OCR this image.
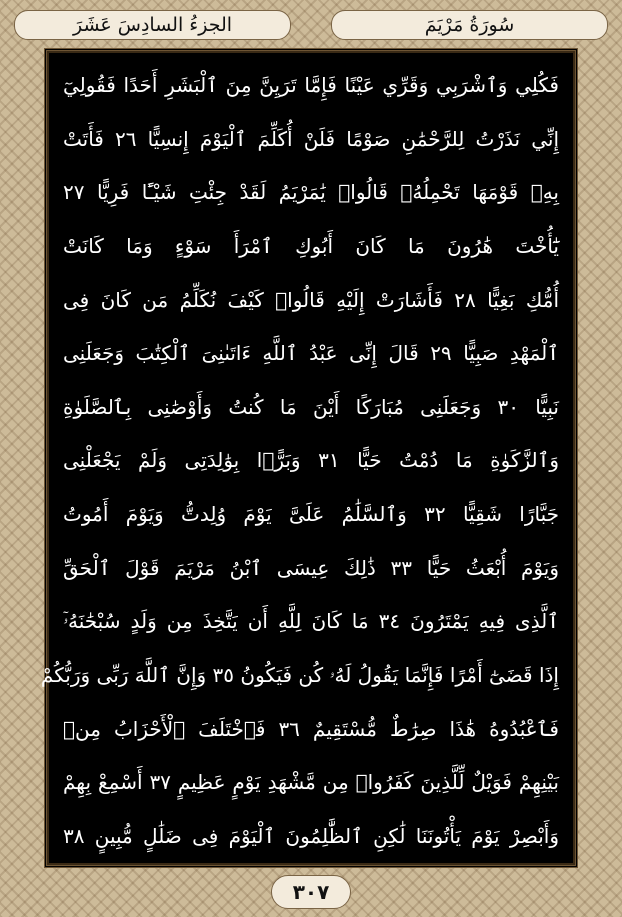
الجزءُ السادِسَ عَشَرَ	سُورَةُ مَرْيَمَ
فَكُلِي وَٱشْرَبِي وَقَرِّي عَيْنًا فَإِمَّا تَرَيِنَّ مِنَ ٱلْبَشَرِ أَحَدًا فَقُولِيٓ
إِنِّي نَذَرْتُ لِلرَّحْمَٰنِ صَوْمًا فَلَنْ أُكَلِّمَ ٱلْيَوْمَ إِنسِيًّا ٢٦ فَأَتَتْ
بِهِۦ قَوْمَهَا تَحْمِلُهُۥ قَالُوا۟ يَٰمَرْيَمُ لَقَدْ جِئْتِ شَيْـًٔا فَرِيًّا ٢٧
يَٰٓأُخْتَ هَٰرُونَ مَا كَانَ أَبُوكِ ٱمْرَأَ سَوْءٍ وَمَا كَانَتْ
أُمُّكِ بَغِيًّا ٢٨ فَأَشَارَتْ إِلَيْهِ قَالُوا۟ كَيْفَ نُكَلِّمُ مَن كَانَ فِى
ٱلْمَهْدِ صَبِيًّا ٢٩ قَالَ إِنِّى عَبْدُ ٱللَّهِ ءَاتَىٰنِىَ ٱلْكِتَٰبَ وَجَعَلَنِى
نَبِيًّا ٣٠ وَجَعَلَنِى مُبَارَكًا أَيْنَ مَا كُنتُ وَأَوْصَٰنِى بِٱلصَّلَوٰةِ
وَٱلزَّكَوٰةِ مَا دُمْتُ حَيًّا ٣١ وَبَرًّۢا بِوَٰلِدَتِى وَلَمْ يَجْعَلْنِى
جَبَّارًا شَقِيًّا ٣٢ وَٱلسَّلَٰمُ عَلَىَّ يَوْمَ وُلِدتُّ وَيَوْمَ أَمُوتُ
وَيَوْمَ أُبْعَثُ حَيًّا ٣٣ ذَٰلِكَ عِيسَى ٱبْنُ مَرْيَمَ قَوْلَ ٱلْحَقِّ
ٱلَّذِى فِيهِ يَمْتَرُونَ ٣٤ مَا كَانَ لِلَّهِ أَن يَتَّخِذَ مِن وَلَدٍ سُبْحَٰنَهُۥٓ
إِذَا قَضَىٰٓ أَمْرًا فَإِنَّمَا يَقُولُ لَهُۥ كُن فَيَكُونُ ٣٥ وَإِنَّ ٱللَّهَ رَبِّى وَرَبُّكُمْ
فَٱعْبُدُوهُ هَٰذَا صِرَٰطٌ مُّسْتَقِيمٌ ٣٦ فَٱخْتَلَفَ ٱلْأَحْزَابُ مِنۢ
بَيْنِهِمْ فَوَيْلٌ لِّلَّذِينَ كَفَرُوا۟ مِن مَّشْهَدِ يَوْمٍ عَظِيمٍ ٣٧ أَسْمِعْ بِهِمْ
وَأَبْصِرْ يَوْمَ يَأْتُونَنَا لَٰكِنِ ٱلظَّٰلِمُونَ ٱلْيَوْمَ فِى ضَلَٰلٍ مُّبِينٍ ٣٨
٣٠٧
